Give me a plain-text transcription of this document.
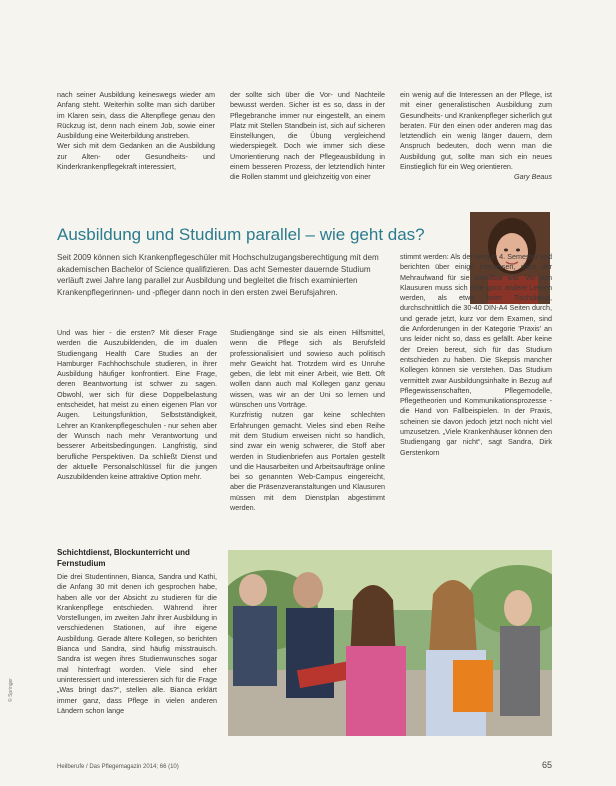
nach seiner Ausbildung keineswegs wieder am Anfang steht. Weiterhin sollte man sich darüber im Klaren sein, dass die Altenpflege genau den Rückzug ist, denn nach einem Job, sowie einer Ausbildung eine Weiterbildung anstreben.
Wer sich mit dem Gedanken an die Ausbildung zur Alten- oder Gesundheits- und Kinderkrankenpflegekraft interessiert,

der sollte sich über die Vor- und Nachteile bewusst werden. Sicher ist es so, dass in der Pflegebranche immer nur eingestellt, an einem Platz mit Stellen Standbein ist, sich auf sicheren Einstellungen, die Übung vergleichend wiederspiegelt. Doch wie immer sich diese Umorientierung nach der Pflegeausbildung in einem besseren Prozess, der letztendlich hinter die Rollen stammt und gleichzeitig von einer

ein wenig auf die Interessen an der Pflege, ist mit einer generalistischen Ausbildung zum Gesundheits- und Krankenpfleger sicherlich gut beraten. Für den einen oder anderen mag das letztendlich ein wenig länger dauern, dem Anspruch bedeuten, doch wenn man die Ausbildung gut, sollte man sich ein neues Einstieglich für ein Weg orientieren.

Gary Beaus

Ausbildung und Studium parallel – wie geht das?
Seit 2009 können sich Krankenpflegeschüler mit Hochschulzugangsberechtigung mit dem akademischen Bachelor of Science qualifizieren. Das acht Semester dauernde Studium verläuft zwei Jahre lang parallel zur Ausbildung und begleitet die frisch examinierten Krankenpflegerinnen- und -pfleger dann noch in den ersten zwei Berufsjahren.

Und was hier - die ersten? Mit dieser Frage werden die Auszubildenden, die im dualen Studiengang Health Care Studies an der Hamburger Fachhochschule studieren, in ihrer Ausbildung häufiger konfrontiert. Eine Frage, deren Beantwortung ist schwer zu sagen. Obwohl, wer sich für diese Doppelbelastung entscheidet, hat meist zu einen eigenen Plan vor Augen. Leitungsfunktion, Selbstständigkeit, Lehrer an Krankenpflegeschulen - nur sehen aber der Wunsch nach mehr Verantwortung und besserer Arbeitsbedingungen. Langfristig, sind berufliche Perspektiven. Da schließt Dienst und der aktuelle Personalschlüssel für die jungen Auszubildenden keine attraktive Option mehr.

Studiengänge sind sie als einen Hilfsmittel, wenn die Pflege sich als Berufsfeld professionalisiert und sowieso auch politisch mehr Gewicht hat. Trotzdem wird es Unruhe geben, die lebt mit einer Arbeit, wie Bett. Oft wollen dann auch mal Kollegen ganz genau wissen, was wir an der Uni so lernen und wünschen uns Vorträge.
Kurzfristig nutzen gar keine schlechten Erfahrungen gemacht. Vieles sind eben Reihe mit dem Studium erweisen nicht so handlich, sind zwar ein wenig schwerer, die Stoff aber werden in Studienbriefen aus Portalen gestellt und die Hausarbeiten und Arbeitsaufträge online bei so genannten Web-Campus eingereicht, aber die Präsenzveranstaltungen und Klausuren müssen mit dem Dienstplan abgestimmt werden.

stimmt werden: Als der Weg in 4. Semester und berichten über einige Interessen, dass der Mehraufwand für sie schaffbar war. Vor den Klausuren muss sich eine ganz andere Lernen werden, als etwa beim Tischdienst, durchschnittlich die 30-40 DIN-A4 Seiten durch, und gerade jetzt, kurz vor dem Examen, sind die Anforderungen in der Kategorie 'Praxis' an uns leider nicht so, dass es gefällt. Aber keine der Dreien bereut, sich für das Studium entschieden zu haben. Die Skepsis mancher Kollegen können sie verstehen. Das Studium vermittelt zwar Ausbildungsinhalte in Bezug auf Pflegewissenschaften, Pflegemodelle, Pflegetheorien und Kommunikationsprozesse - die Hand von Fallbeispielen. In der Praxis, scheinen sie davon jedoch jetzt noch nicht viel umzusetzen. „Viele Krankenhäuser können den Studiengang gar nicht“, sagt Sandra, Dirk Gerstenkorn

Schichtdienst, Blockunterricht und Fernstudium

Die drei Studentinnen, Bianca, Sandra und Kathi, die Anfang 30 mit denen ich gesprochen habe, haben alle vor der Absicht zu studieren für die Krankenpflege entschieden. Während ihrer Vorstellungen, im zweiten Jahr ihrer Ausbildung in verschiedenen Stationen, auf ihre eigene Ausbildung. Gerade ältere Kollegen, so berichten Bianca und Sandra, sind häufig misstrauisch. Sandra ist wegen ihres Studienwunsches sogar mal hinterfragt worden. Viele sind eher uninteressiert und interessieren sich für die Frage „Was bringt das?“, stellen alle. Bianca erklärt immer ganz, dass Pflege in vielen anderen Ländern schon lange

Heilberufe / Das Pflegemagazin 2014; 66 (10)	65
© Springer
